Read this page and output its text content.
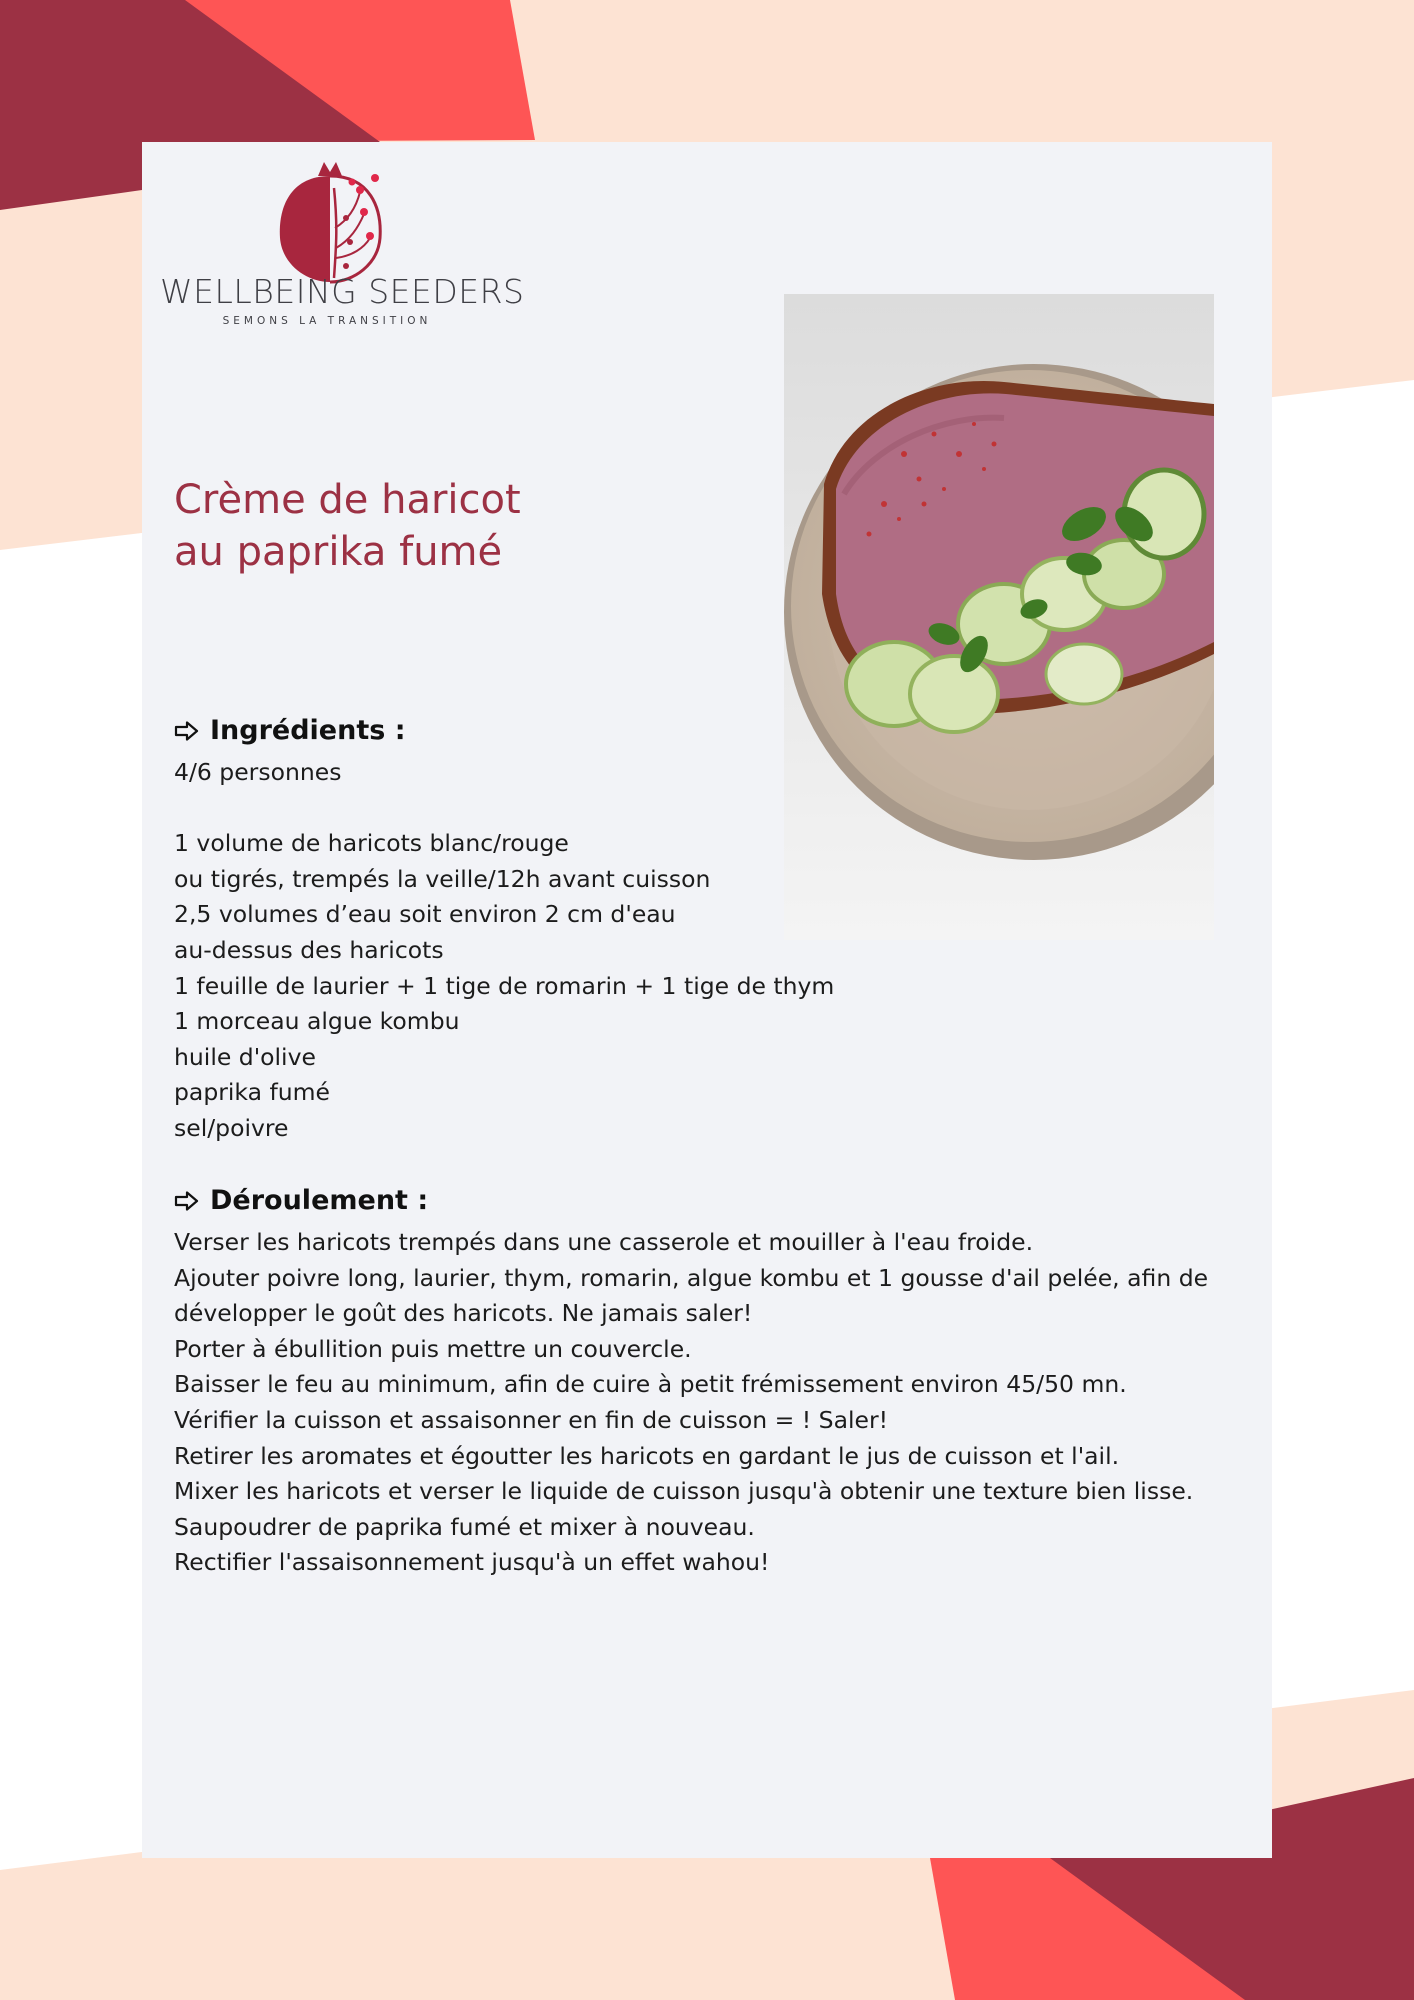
WELLBEING SEEDERS
SEMONS LA TRANSITION
Crème de haricot
au paprika fumé
Ingrédients :
4/6 personnes
1 volume de haricots blanc/rouge
ou tigrés, trempés la veille/12h avant cuisson
2,5 volumes d’eau soit environ 2 cm d'eau
au-dessus des haricots
1 feuille de laurier + 1 tige de romarin + 1 tige de thym
1 morceau algue kombu
huile d'olive
paprika fumé
sel/poivre
Déroulement :
Verser les haricots trempés dans une casserole et mouiller à l'eau froide.
Ajouter poivre long, laurier, thym, romarin, algue kombu et 1 gousse d'ail pelée, afin de
développer le goût des haricots. Ne jamais saler!
Porter à ébullition puis mettre un couvercle.
Baisser le feu au minimum, afin de cuire à petit frémissement environ 45/50 mn.
Vérifier la cuisson et assaisonner en fin de cuisson = ! Saler!
Retirer les aromates et égoutter les haricots en gardant le jus de cuisson et l'ail.
Mixer les haricots et verser le liquide de cuisson jusqu'à obtenir une texture bien lisse.
Saupoudrer de paprika fumé et mixer à nouveau.
Rectifier l'assaisonnement jusqu'à un effet wahou!
